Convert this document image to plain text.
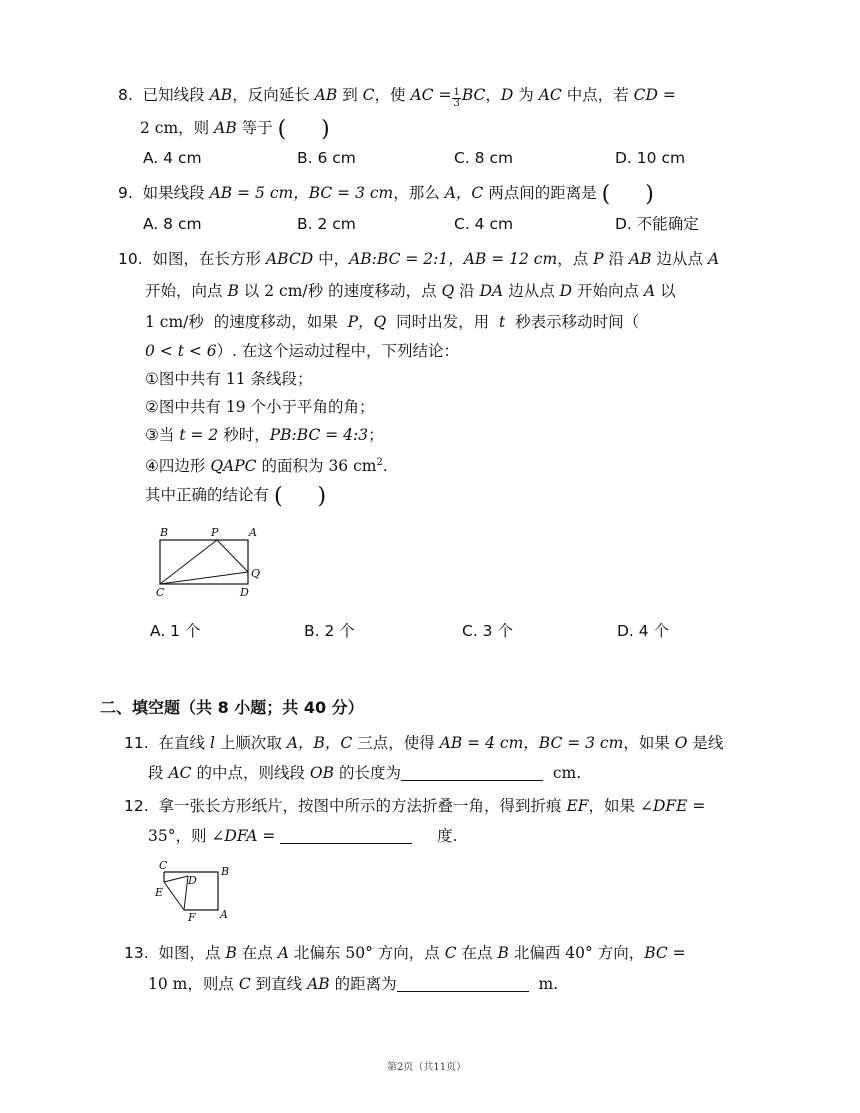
8. 已知线段 AB，反向延长 AB 到 C，使 AC = $\frac{1}{3}$ BC，D 为 AC 中点，若 CD =
2 cm，则 AB 等于 (     )
A. 4 cm	B. 6 cm	C. 8 cm	D. 10 cm
9. 如果线段 AB = 5 cm，BC = 3 cm，那么 A，C 两点间的距离是 (     )
A. 8 cm	B. 2 cm	C. 4 cm	D. 不能确定
10. 如图，在长方形 ABCD 中，AB:BC = 2:1，AB = 12 cm，点 P 沿 AB 边从点 A
开始，向点 B 以 2 cm/秒 的速度移动，点 Q 沿 DA 边从点 D 开始向点 A 以
1 cm/秒 的速度移动，如果 P，Q 同时出发，用 t 秒表示移动时间（
0 < t < 6）. 在这个运动过程中，下列结论：
①图中共有 11 条线段；
②图中共有 19 个小于平角的角；
③当 t = 2 秒时，PB:BC = 4:3；
④四边形 QAPC 的面积为 36 $cm^2$.
其中正确的结论有 (     )
B	P	A
Q
C	D
A. 1 个	B. 2 个	C. 3 个	D. 4 个
二、填空题（共 8 小题；共 40 分）
11. 在直线 l 上顺次取 A，B，C 三点，使得 AB = 4 cm，BC = 3 cm，如果 O 是线
段 AC 的中点，则线段 OB 的长度为	cm.
12. 拿一张长方形纸片，按图中所示的方法折叠一角，得到折痕 EF，如果 ∠DFE =
35°，则 ∠DFA =	度.
C
D
B
E
F A
13. 如图，点 B 在点 A 北偏东 50° 方向，点 C 在点 B 北偏西 40° 方向，BC =
10 m，则点 C 到直线 AB 的距离为	m.
第2页（共11页）
